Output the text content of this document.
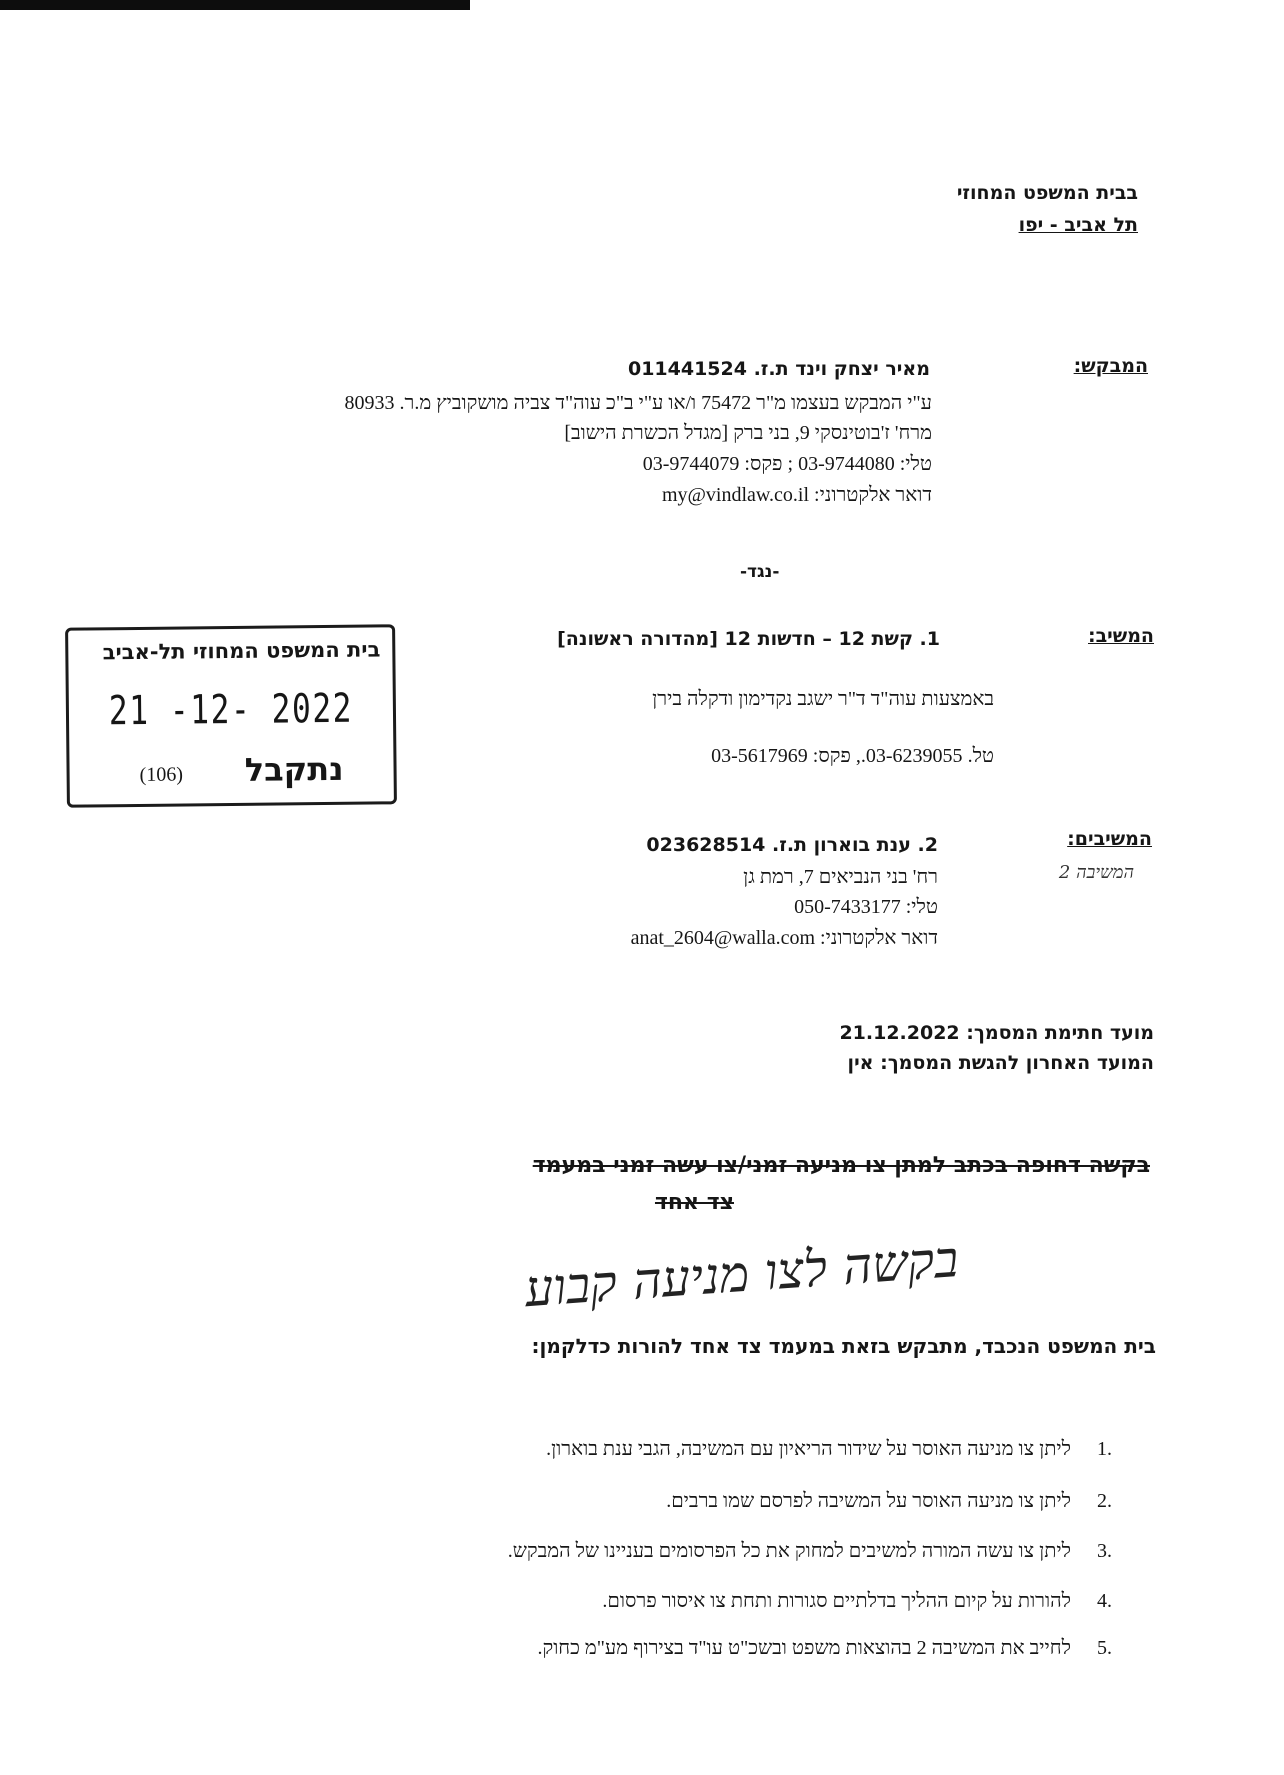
בבית המשפט המחוזי
תל אביב - יפו
המבקש:
מאיר יצחק וינד ת.ז. 011441524
ע"י המבקש בעצמו מ"ר 75472 ו/או ע"י ב"כ עוה"ד צביה מושקוביץ מ.ר. 80933
מרח' ז'בוטינסקי 9, בני ברק [מגדל הכשרת הישוב]
טלי: 03-9744080 ; פקס: 03-9744079
דואר אלקטרוני: my@vindlaw.co.il
-נגד-
המשיב:
1. קשת 12 – חדשות 12 [מהדורה ראשונה]
באמצעות עוה"ד ד"ר ישגב נקדימון ודקלה בירן
טל. 03-6239055., פקס: 03-5617969
בית המשפט המחוזי תל-אביב
21 -12- 2022
נתקבל
(106)
המשיבים:
המשיבה 2
2. ענת בוארון ת.ז. 023628514
רח' בני הנביאים 7, רמת גן
טלי: 050-7433177
דואר אלקטרוני: anat_2604@walla.com
מועד חתימת המסמך: 21.12.2022
המועד האחרון להגשת המסמך: אין
בקשה דחופה בכתב למתן צו מניעה זמני/צו עשה זמני במעמד
צד אחד
בקשה לצו מניעה קבוע
בית המשפט הנכבד, מתבקש בזאת במעמד צד אחד להורות כדלקמן:
1.
ליתן צו מניעה האוסר על שידור הריאיון עם המשיבה, הגבי ענת בוארון.
2.
ליתן צו מניעה האוסר על המשיבה לפרסם שמו ברבים.
3.
ליתן צו עשה המורה למשיבים למחוק את כל הפרסומים בעניינו של המבקש.
4.
להורות על קיום ההליך בדלתיים סגורות ותחת צו איסור פרסום.
5.
לחייב את המשיבה 2 בהוצאות משפט ובשכ"ט עו"ד בצירוף מע"מ כחוק.
